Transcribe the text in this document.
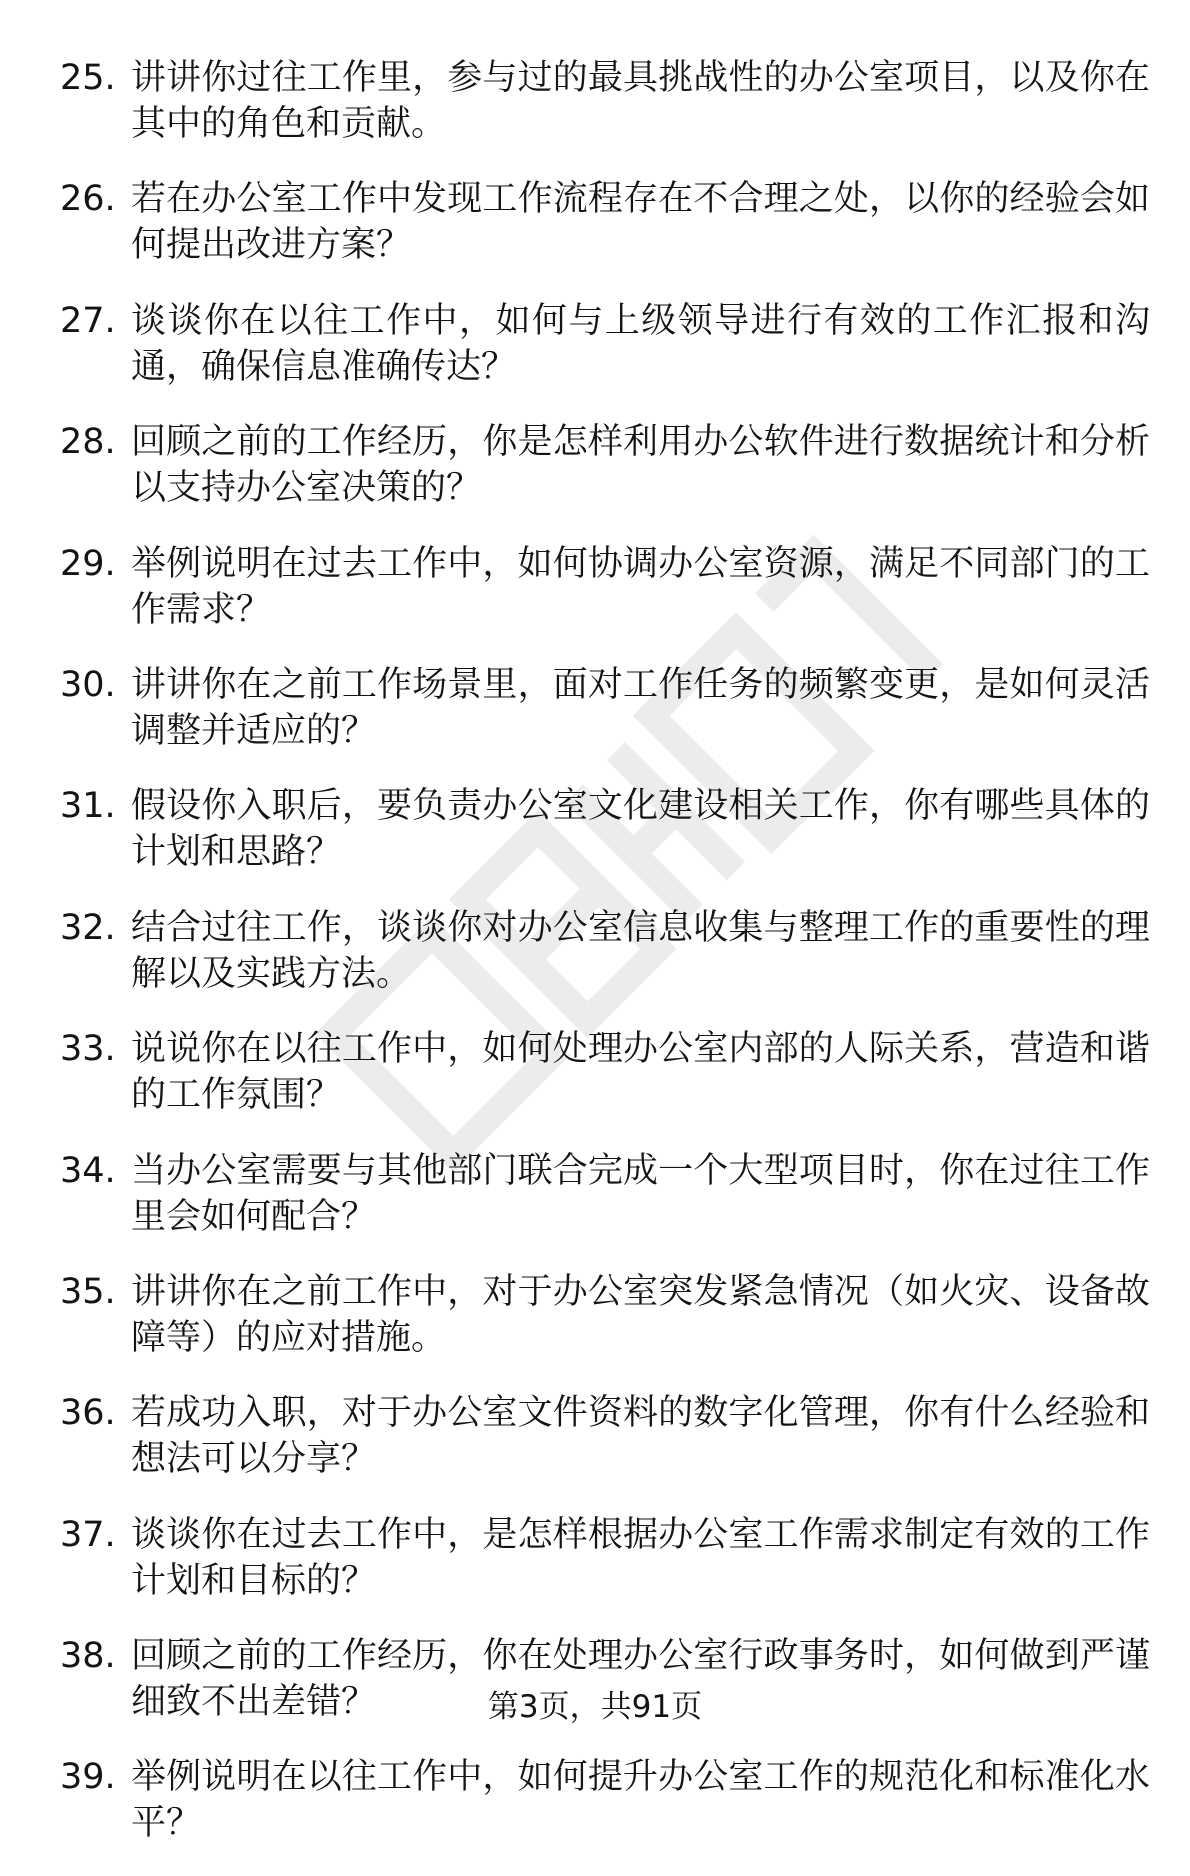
25. 讲讲你过往工作里，参与过的最具挑战性的办公室项目，以及你在其中的角色和贡献。
26. 若在办公室工作中发现工作流程存在不合理之处，以你的经验会如何提出改进方案？
27. 谈谈你在以往工作中，如何与上级领导进行有效的工作汇报和沟通，确保信息准确传达？
28. 回顾之前的工作经历，你是怎样利用办公软件进行数据统计和分析以支持办公室决策的？
29. 举例说明在过去工作中，如何协调办公室资源，满足不同部门的工作需求？
30. 讲讲你在之前工作场景里，面对工作任务的频繁变更，是如何灵活调整并适应的？
31. 假设你入职后，要负责办公室文化建设相关工作，你有哪些具体的计划和思路？
32. 结合过往工作，谈谈你对办公室信息收集与整理工作的重要性的理解以及实践方法。
33. 说说你在以往工作中，如何处理办公室内部的人际关系，营造和谐的工作氛围？
34. 当办公室需要与其他部门联合完成一个大型项目时，你在过往工作里会如何配合？
35. 讲讲你在之前工作中，对于办公室突发紧急情况（如火灾、设备故障等）的应对措施。
36. 若成功入职，对于办公室文件资料的数字化管理，你有什么经验和想法可以分享？
37. 谈谈你在过去工作中，是怎样根据办公室工作需求制定有效的工作计划和目标的？
38. 回顾之前的工作经历，你在处理办公室行政事务时，如何做到严谨细致不出差错？
39. 举例说明在以往工作中，如何提升办公室工作的规范化和标准化水平？
第3页，共91页
